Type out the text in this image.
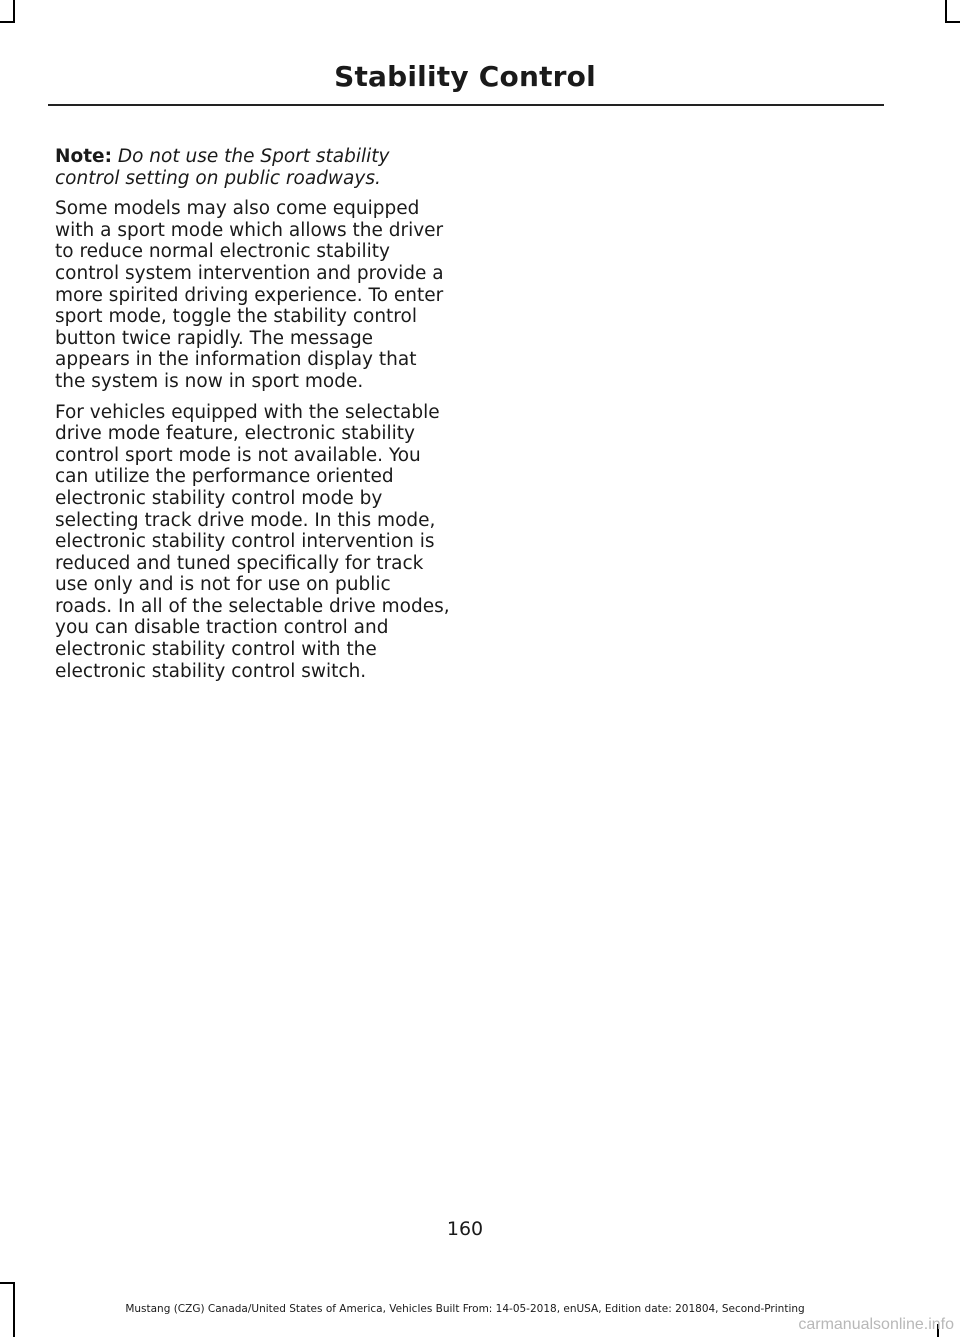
Stability Control

Note: Do not use the Sport stability control setting on public roadways.

Some models may also come equipped with a sport mode which allows the driver to reduce normal electronic stability control system intervention and provide a more spirited driving experience. To enter sport mode, toggle the stability control button twice rapidly. The message appears in the information display that the system is now in sport mode.

For vehicles equipped with the selectable drive mode feature, electronic stability control sport mode is not available. You can utilize the performance oriented electronic stability control mode by selecting track drive mode. In this mode, electronic stability control intervention is reduced and tuned specifically for track use only and is not for use on public roads. In all of the selectable drive modes, you can disable traction control and electronic stability control with the electronic stability control switch.

160
Mustang (CZG) Canada/United States of America, Vehicles Built From: 14-05-2018, enUSA, Edition date: 201804, Second-Printing
carmanualsonline.info
